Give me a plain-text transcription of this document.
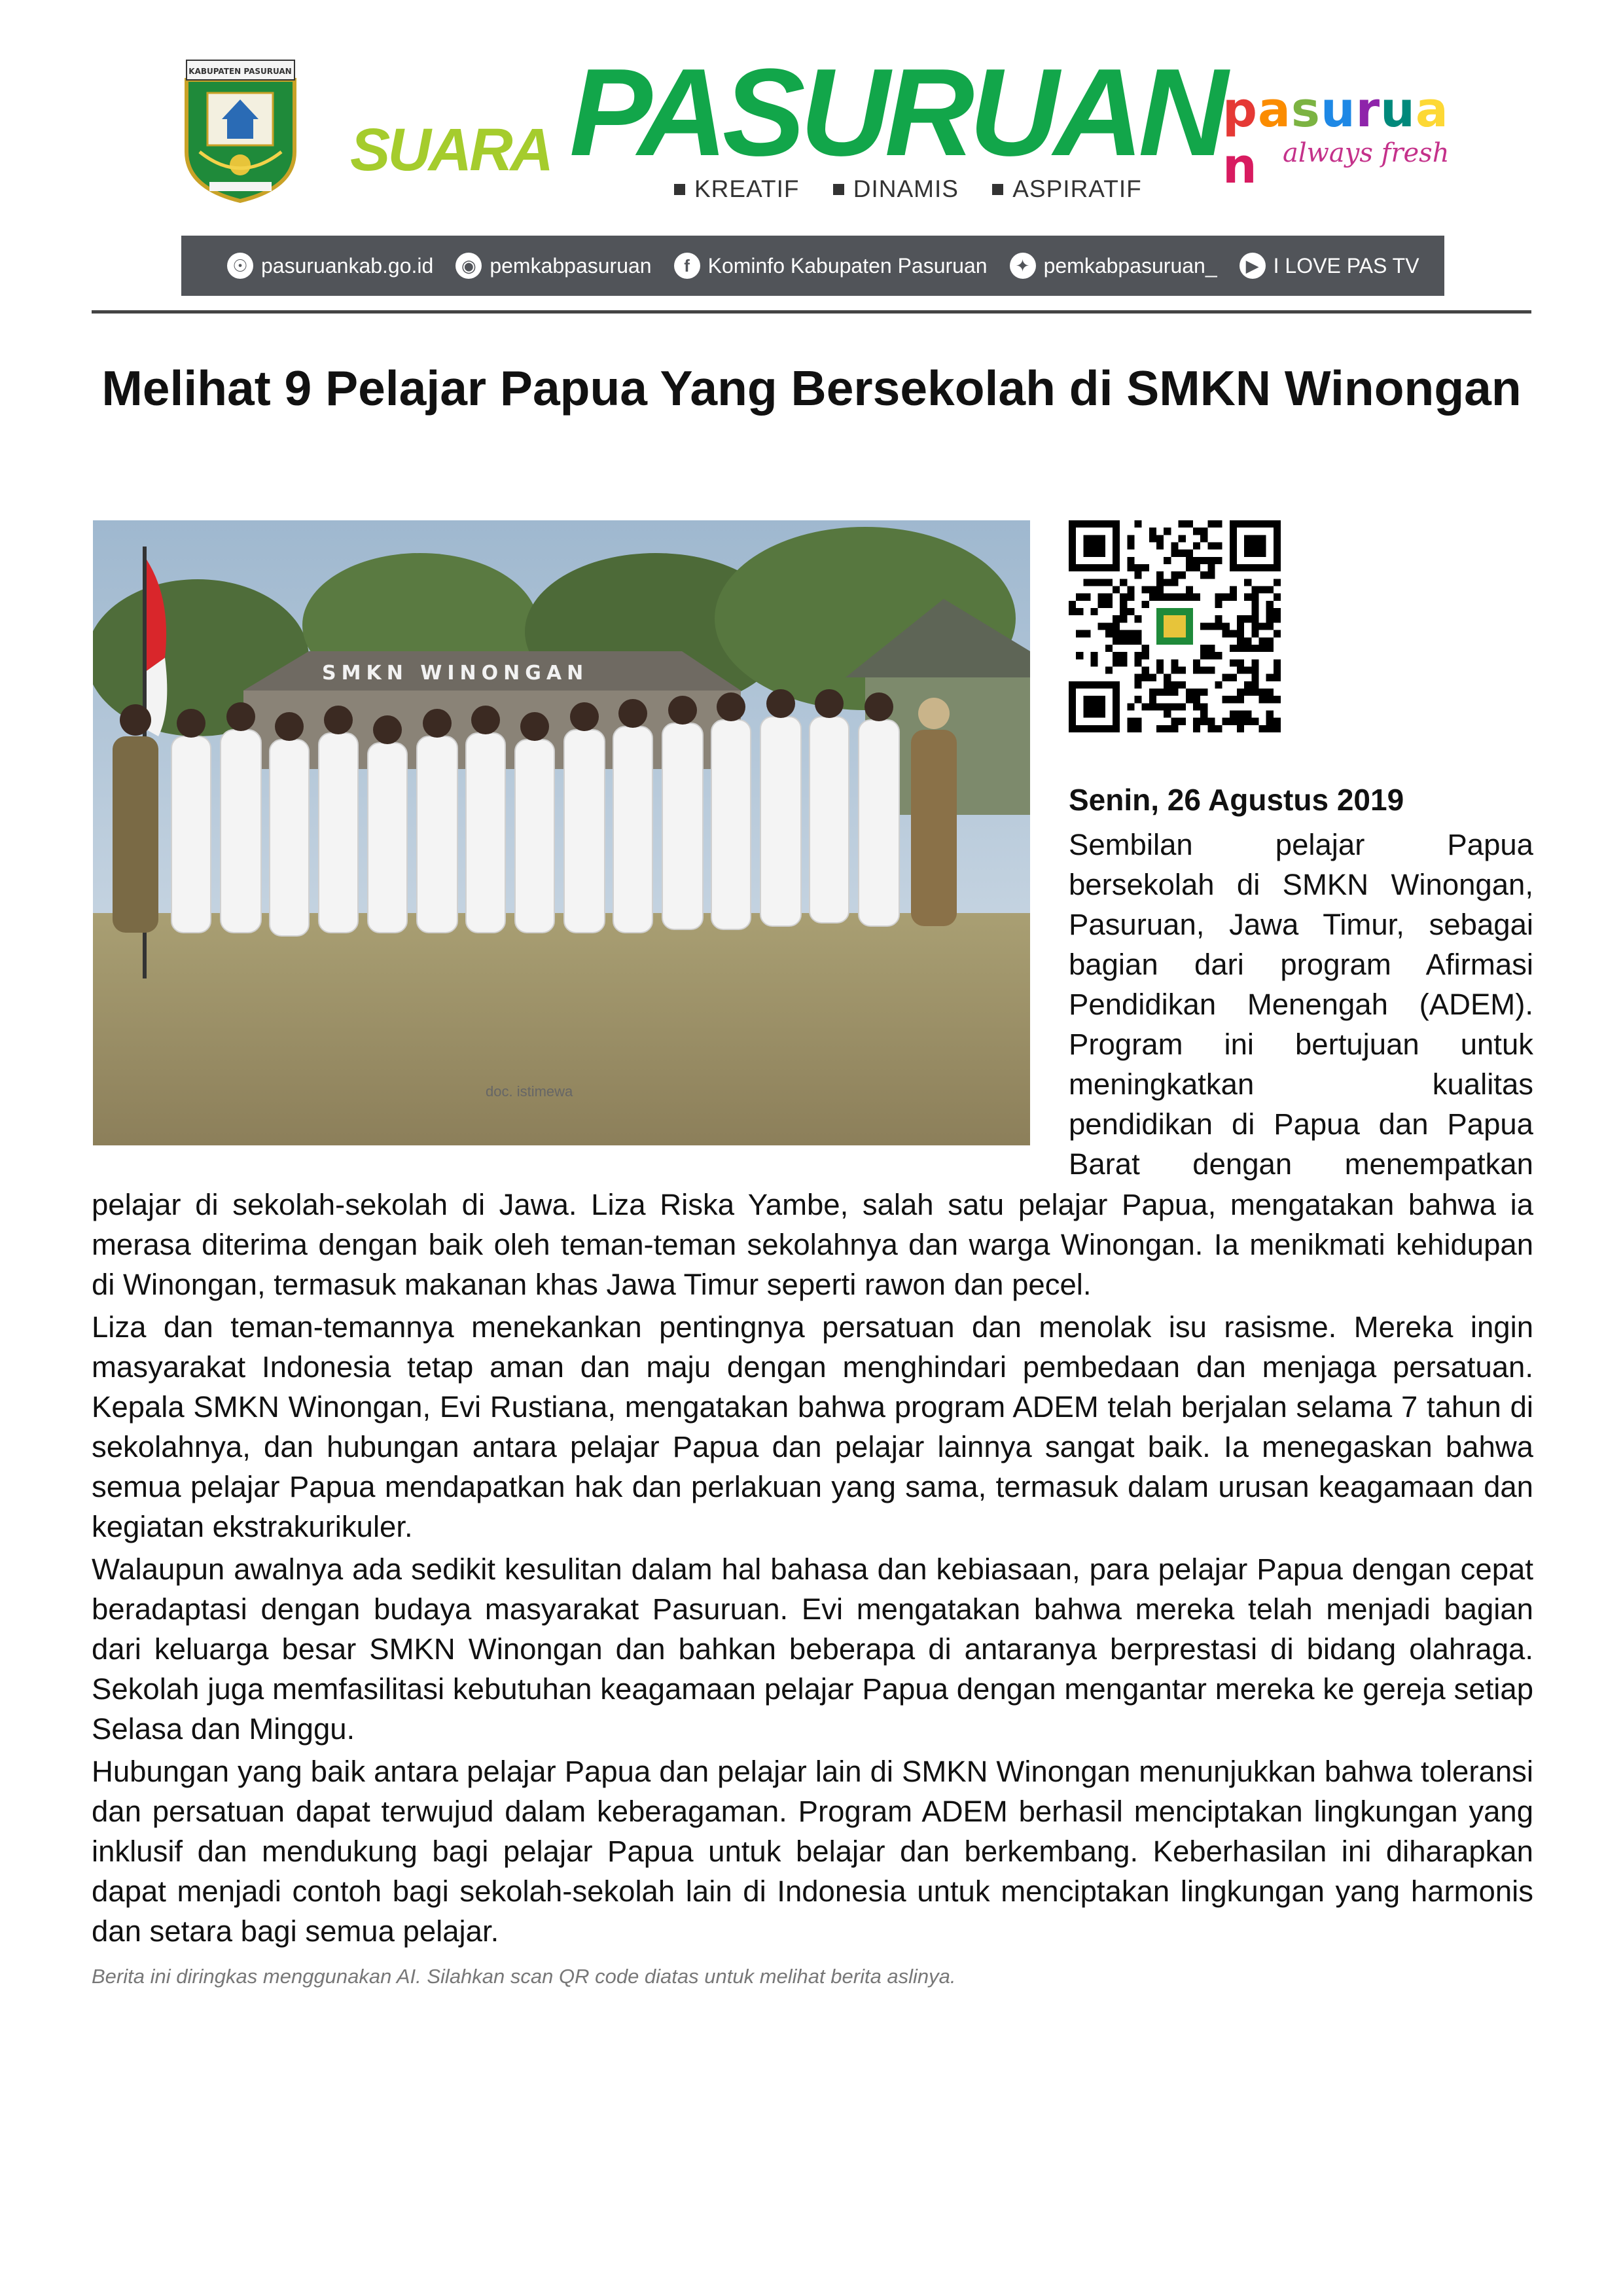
KABUPATEN PASURUAN
SUARA PASURUAN
KREATIF DINAMIS ASPIRATIF
pasuruan always fresh
☉ pasuruankab.go.id	◉ pemkabpasuruan	f Kominfo Kabupaten Pasuruan	✦ pemkabpasuruan_	▶ I LOVE PAS TV
Melihat 9 Pelajar Papua Yang Bersekolah di SMKN Winongan
doc. istimewa
SMKN WINONGAN
Senin, 26 Agustus 2019
Sembilan pelajar Papua
bersekolah di SMKN Winongan,
Pasuruan, Jawa Timur, sebagai
bagian dari program Afirmasi
Pendidikan Menengah (ADEM).
Program ini bertujuan untuk
meningkatkan kualitas
pendidikan di Papua dan Papua
Barat dengan menempatkan

pelajar di sekolah-sekolah di Jawa. Liza Riska Yambe, salah satu pelajar Papua, mengatakan bahwa ia merasa diterima dengan baik oleh teman-teman sekolahnya dan warga Winongan. Ia menikmati kehidupan di Winongan, termasuk makanan khas Jawa Timur seperti rawon dan pecel.

Liza dan teman-temannya menekankan pentingnya persatuan dan menolak isu rasisme. Mereka ingin masyarakat Indonesia tetap aman dan maju dengan menghindari pembedaan dan menjaga persatuan. Kepala SMKN Winongan, Evi Rustiana, mengatakan bahwa program ADEM telah berjalan selama 7 tahun di sekolahnya, dan hubungan antara pelajar Papua dan pelajar lainnya sangat baik. Ia menegaskan bahwa semua pelajar Papua mendapatkan hak dan perlakuan yang sama, termasuk dalam urusan keagamaan dan kegiatan ekstrakurikuler.

Walaupun awalnya ada sedikit kesulitan dalam hal bahasa dan kebiasaan, para pelajar Papua dengan cepat beradaptasi dengan budaya masyarakat Pasuruan. Evi mengatakan bahwa mereka telah menjadi bagian dari keluarga besar SMKN Winongan dan bahkan beberapa di antaranya berprestasi di bidang olahraga. Sekolah juga memfasilitasi kebutuhan keagamaan pelajar Papua dengan mengantar mereka ke gereja setiap Selasa dan Minggu.

Hubungan yang baik antara pelajar Papua dan pelajar lain di SMKN Winongan menunjukkan bahwa toleransi dan persatuan dapat terwujud dalam keberagaman. Program ADEM berhasil menciptakan lingkungan yang inklusif dan mendukung bagi pelajar Papua untuk belajar dan berkembang. Keberhasilan ini diharapkan dapat menjadi contoh bagi sekolah-sekolah lain di Indonesia untuk menciptakan lingkungan yang harmonis dan setara bagi semua pelajar.

Berita ini diringkas menggunakan AI. Silahkan scan QR code diatas untuk melihat berita aslinya.
